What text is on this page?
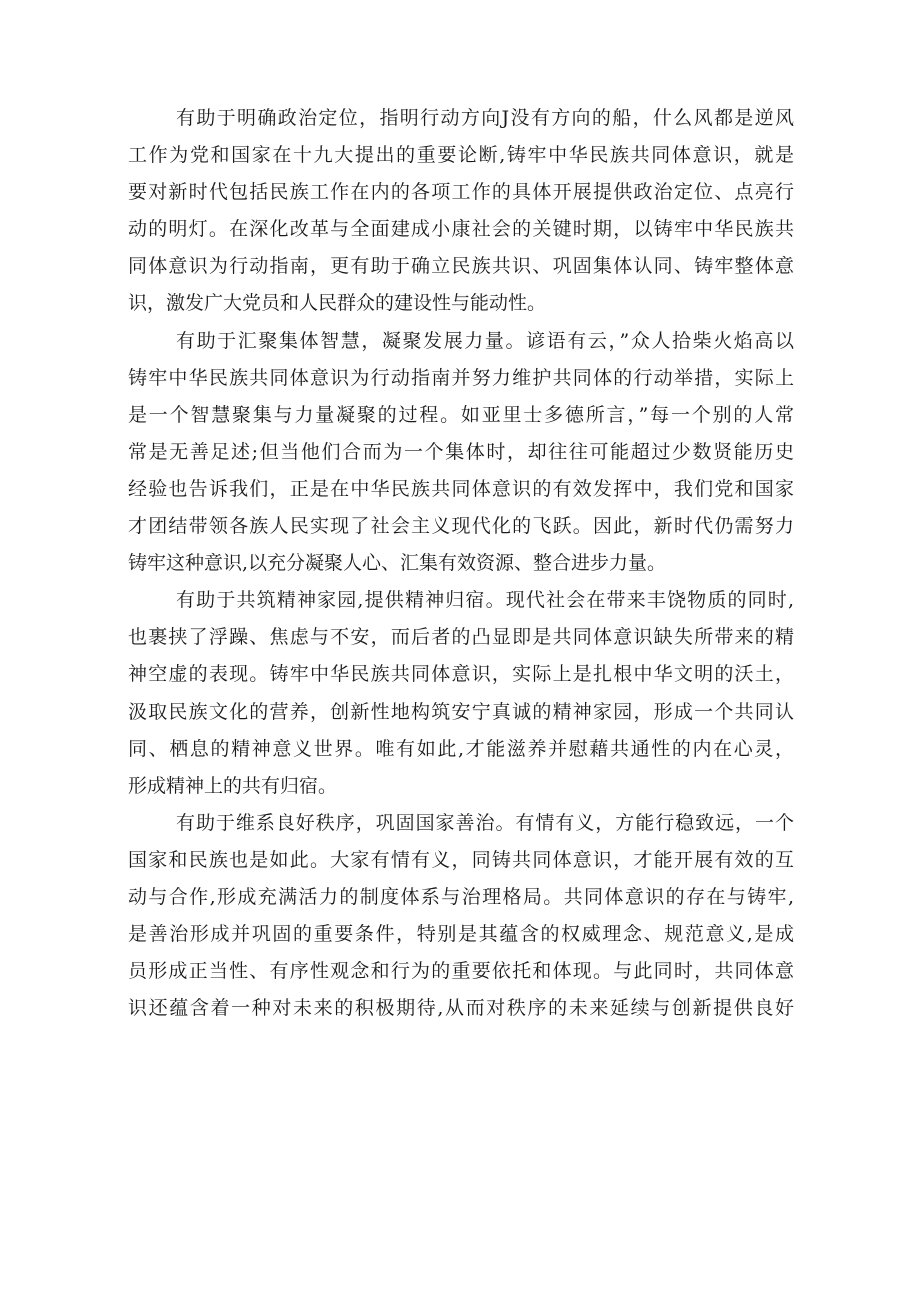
有助于明确政治定位，指明行动方向J没有方向的船，什么风都是逆风
工作为党和国家在十九大提出的重要论断,铸牢中华民族共同体意识，就是
要对新时代包括民族工作在内的各项工作的具体开展提供政治定位、点亮行
动的明灯。在深化改革与全面建成小康社会的关键时期，以铸牢中华民族共
同体意识为行动指南，更有助于确立民族共识、巩固集体认同、铸牢整体意
识，激发广大党员和人民群众的建设性与能动性。
有助于汇聚集体智慧，凝聚发展力量。谚语有云，”众人拾柴火焰高以
铸牢中华民族共同体意识为行动指南并努力维护共同体的行动举措，实际上
是一个智慧聚集与力量凝聚的过程。如亚里士多德所言，”每一个别的人常
常是无善足述;但当他们合而为一个集体时，却往往可能超过少数贤能历史
经验也告诉我们，正是在中华民族共同体意识的有效发挥中，我们党和国家
才团结带领各族人民实现了社会主义现代化的飞跃。因此，新时代仍需努力
铸牢这种意识,以充分凝聚人心、汇集有效资源、整合进步力量。
有助于共筑精神家园,提供精神归宿。现代社会在带来丰饶物质的同时,
也裹挟了浮躁、焦虑与不安，而后者的凸显即是共同体意识缺失所带来的精
神空虚的表现。铸牢中华民族共同体意识，实际上是扎根中华文明的沃土，
汲取民族文化的营养，创新性地构筑安宁真诚的精神家园，形成一个共同认
同、栖息的精神意义世界。唯有如此,才能滋养并慰藉共通性的内在心灵，
形成精神上的共有归宿。
有助于维系良好秩序，巩固国家善治。有情有义，方能行稳致远，一个
国家和民族也是如此。大家有情有义，同铸共同体意识，才能开展有效的互
动与合作,形成充满活力的制度体系与治理格局。共同体意识的存在与铸牢,
是善治形成并巩固的重要条件，特别是其蕴含的权威理念、规范意义,是成
员形成正当性、有序性观念和行为的重要依托和体现。与此同时，共同体意
识还蕴含着一种对未来的积极期待,从而对秩序的未来延续与创新提供良好
